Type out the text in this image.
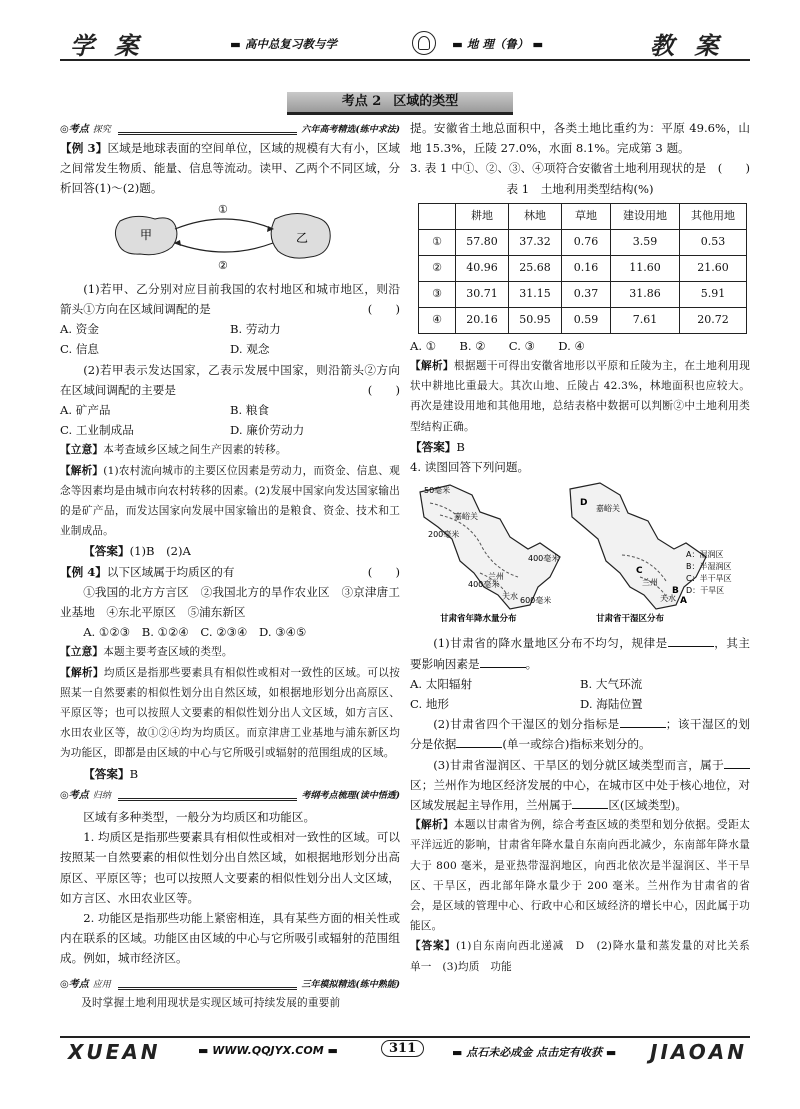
学 案	▬ 高中总复习教与学	▬ 地 理（鲁） ▬	教 案
考点 2 区域的类型
◎考点 探究	六年高考精选(练中求法)

【例 3】区域是地球表面的空间单位，区域的规模有大有小，区域之间常发生物质、能量、信息等流动。读甲、乙两个不同区域，分析回答(1)～(2)题。

甲	乙
①
②

(1)若甲、乙分别对应目前我国的农村地区和城市地区，则沿箭头①方向在区域间调配的是	(　　)

A. 资金	B. 劳动力
C. 信息	D. 观念

(2)若甲表示发达国家，乙表示发展中国家，则沿箭头②方向在区域间调配的主要是	(　　)

A. 矿产品	B. 粮食
C. 工业制成品	D. 廉价劳动力

【立意】本考查域乡区域之间生产因素的转移。

【解析】(1)农村流向城市的主要区位因素是劳动力，而资金、信息、观念等因素均是由城市向农村转移的因素。(2)发展中国家向发达国家输出的是矿产品，而发达国家向发展中国家输出的是粮食、资金、技术和工业制成品。

【答案】(1)B　(2)A

【例 4】以下区域属于均质区的有	(　　)

①我国的北方方言区　②我国北方的旱作农业区　③京津唐工业基地　④东北平原区　⑤浦东新区

A. ①②③　B. ①②④　C. ②③④　D. ③④⑤

【立意】本题主要考查区域的类型。

【解析】均质区是指那些要素具有相似性或相对一致性的区域。可以按照某一自然要素的相似性划分出自然区域，如根据地形划分出高原区、平原区等；也可以按照人文要素的相似性划分出人文区域，如方言区、水田农业区等，故①②④均为均质区。而京津唐工业基地与浦东新区均为功能区，即都是由区域的中心与它所吸引或辐射的范围组成的区域。

【答案】B

◎考点 归纳	考纲考点梳理(读中悟透)

区域有多种类型，一般分为均质区和功能区。

1. 均质区是指那些要素具有相似性或相对一致性的区域。可以按照某一自然要素的相似性划分出自然区域，如根据地形划分出高原区、平原区等；也可以按照人文要素的相似性划分出人文区域，如方言区、水田农业区等。

2. 功能区是指那些功能上紧密相连，具有某些方面的相关性或内在联系的区域。功能区由区域的中心与它所吸引或辐射的范围组成。例如，城市经济区。

◎考点 应用	三年模拟精选(练中熟能)

及时掌握土地利用现状是实现区域可持续发展的重要前

提。安徽省土地总面积中，各类土地比重约为：平原 49.6%，山地 15.3%，丘陵 27.0%，水面 8.1%。完成第 3 题。

3. 表 1 中①、②、③、④项符合安徽省土地利用现状的是 (　　)

表 1　土地利用类型结构(%)
	耕地	林地	草地	建设用地	其他用地
①	57.80	37.32	0.76	3.59	0.53
②	40.96	25.68	0.16	11.60	21.60
③	30.71	31.15	0.37	31.86	5.91
④	20.16	50.95	0.59	7.61	20.72

A. ①　　B. ②　　C. ③　　D. ④

【解析】根据题干可得出安徽省地形以平原和丘陵为主，在土地利用现状中耕地比重最大。其次山地、丘陵占 42.3%，林地面积也应较大。再次是建设用地和其他用地，总结表格中数据可以判断②中土地利用类型结构正确。

【答案】B

4. 读图回答下列问题。

50毫米
200毫米
400毫米
400毫米
600毫米
嘉峪关
兰州
天水
甘肃省年降水量分布
D
嘉峪关
C
兰州
B
天水 A
A：湿润区
B：半湿润区
C：半干旱区
D：干旱区
甘肃省干湿区分布

(1)甘肃省的降水量地区分布不均匀，规律是	，其主要影响因素是	。

A. 太阳辐射	B. 大气环流
C. 地形	D. 海陆位置

(2)甘肃省四个干湿区的划分指标是	；该干湿区的划分是依据	(单一或综合)指标来划分的。

(3)甘肃省湿润区、干旱区的划分就区域类型而言，属于区；兰州作为地区经济发展的中心，在城市区中处于核心地位，对区域发展起主导作用，兰州属于	区(区域类型)。

【解析】本题以甘肃省为例，综合考查区域的类型和划分依据。受距太平洋远近的影响，甘肃省年降水量自东南向西北减少，东南部年降水量大于 800 毫米，是亚热带湿润地区，向西北依次是半湿润区、半干旱区、干旱区，西北部年降水量少于 200 毫米。兰州作为甘肃省的省会，是区域的管理中心、行政中心和区域经济的增长中心，因此属于功能区。

【答案】(1)自东南向西北递减　D　(2)降水量和蒸发量的对比关系　单一　(3)均质　功能

XUEAN	▬ WWW.QQJYX.COM ▬	311	▬ 点石未必成金 点击定有收获 ▬ JIAOAN
